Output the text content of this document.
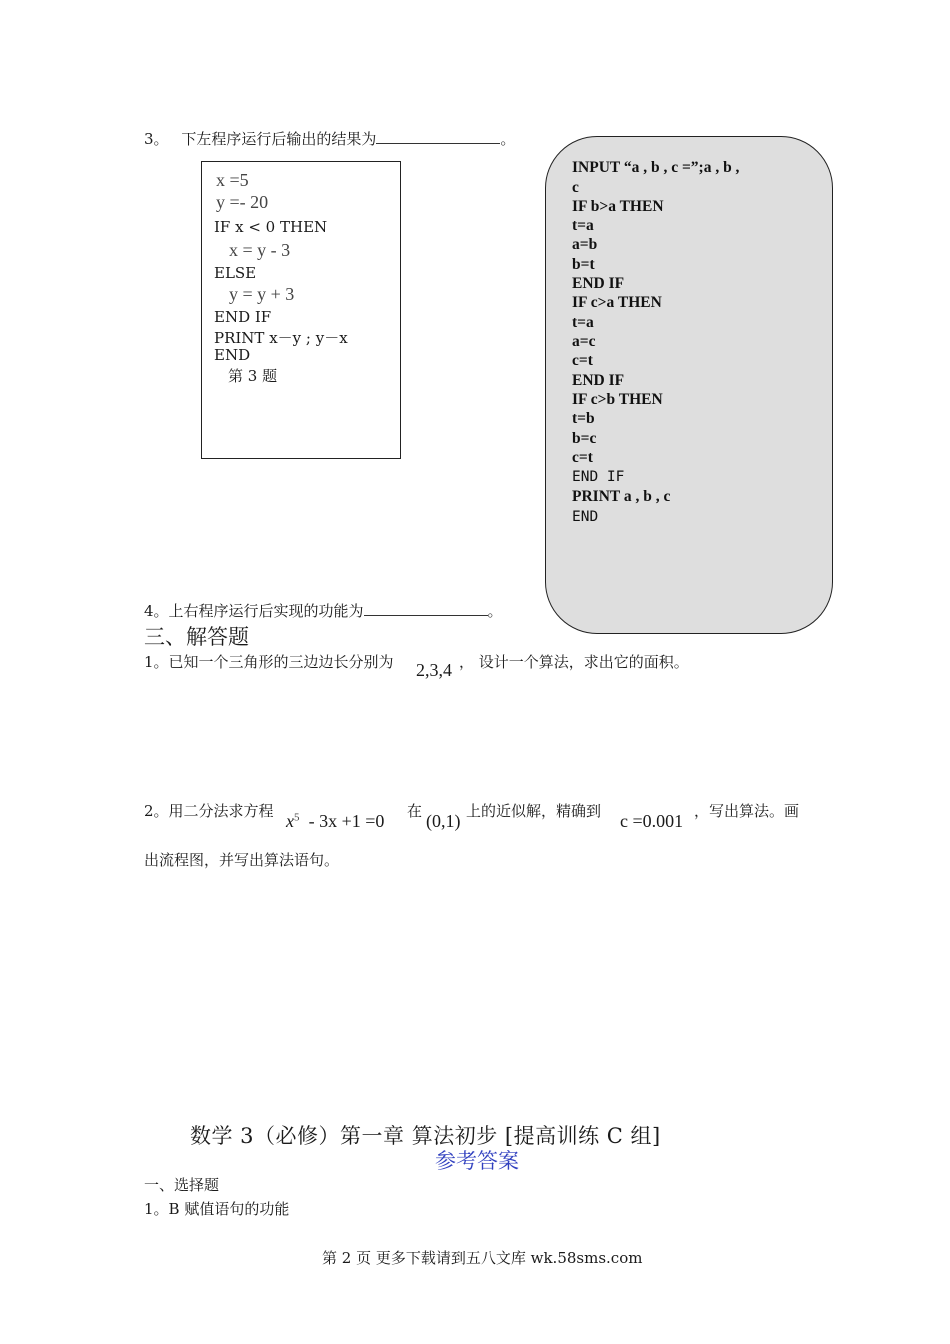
3。 下左程序运行后输出的结果为	。
x =5
y =- 20
IF x < 0 THEN
x = y - 3
ELSE
y = y + 3
END IF
PRINT x－y ; y－x
END
第 3 题
INPUT “a , b , c =”;a , b ,
c
IF b>a THEN
t=a
a=b
b=t
END IF
IF c>a THEN
t=a
a=c
c=t
END IF
IF c>b THEN
t=b
b=c
c=t
END IF
PRINT a , b , c
END
4。上右程序运行后实现的功能为	。
三、解答题
1。已知一个三角形的三边边长分别为 2,3,4 ， 设计一个算法，求出它的面积。
2。用二分法求方程 $x^5 - 3x +1 =0$ 在 (0,1) 上的近似解，精确到 c =0.001 ，写出算法。画
出流程图，并写出算法语句。
数学 3（必修）第一章 算法初步 [提高训练 C 组]
参考答案
一、选择题
1。B 赋值语句的功能
第 2 页 更多下载请到五八文库 wk.58sms.com
